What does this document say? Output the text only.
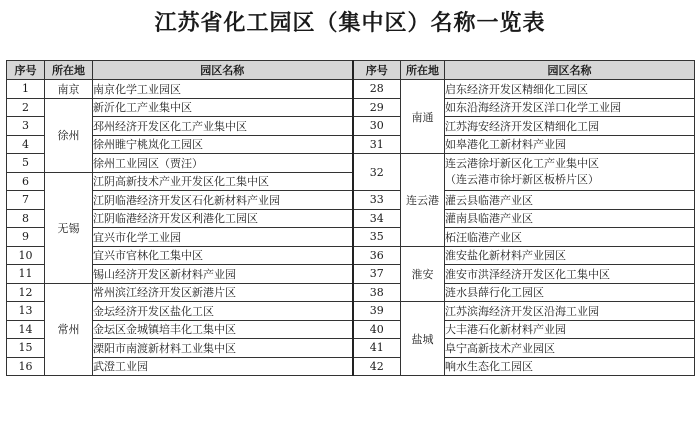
江苏省化工园区（集中区）名称一览表
序号	所在地	园区名称	序号	所在地	园区名称
1	南京	南京化学工业园区	28	南通	启东经济开发区精细化工园区
2	徐州	新沂化工产业集中区	29		如东沿海经济开发区洋口化学工业园
3		邳州经济开发区化工产业集中区	30		江苏海安经济开发区精细化工园
4		徐州睢宁桃岚化工园区	31		如皋港化工新材料产业园
5		徐州工业园区（贾汪）	32	连云港	连云港徐圩新区化工产业集中区
（连云港市徐圩新区板桥片区）

6	无锡	江阴高新技术产业开发区化工集中区			
7		江阴临港经济开发区石化新材料产业园	33		灌云县临港产业区
8		江阴临港经济开发区利港化工园区	34		灌南县临港产业区
9		宜兴市化学工业园	35		柘汪临港产业区
10		宜兴市官林化工集中区	36	淮安	淮安盐化新材料产业园区
11		锡山经济开发区新材料产业园	37		淮安市洪泽经济开发区化工集中区
12	常州	常州滨江经济开发区新港片区	38		涟水县薛行化工园区
13		金坛经济开发区盐化工区	39	盐城	江苏滨海经济开发区沿海工业园
14		金坛区金城镇培丰化工集中区	40		大丰港石化新材料产业园
15		溧阳市南渡新材料工业集中区	41		阜宁高新技术产业园区
16		武澄工业园	42		响水生态化工园区
